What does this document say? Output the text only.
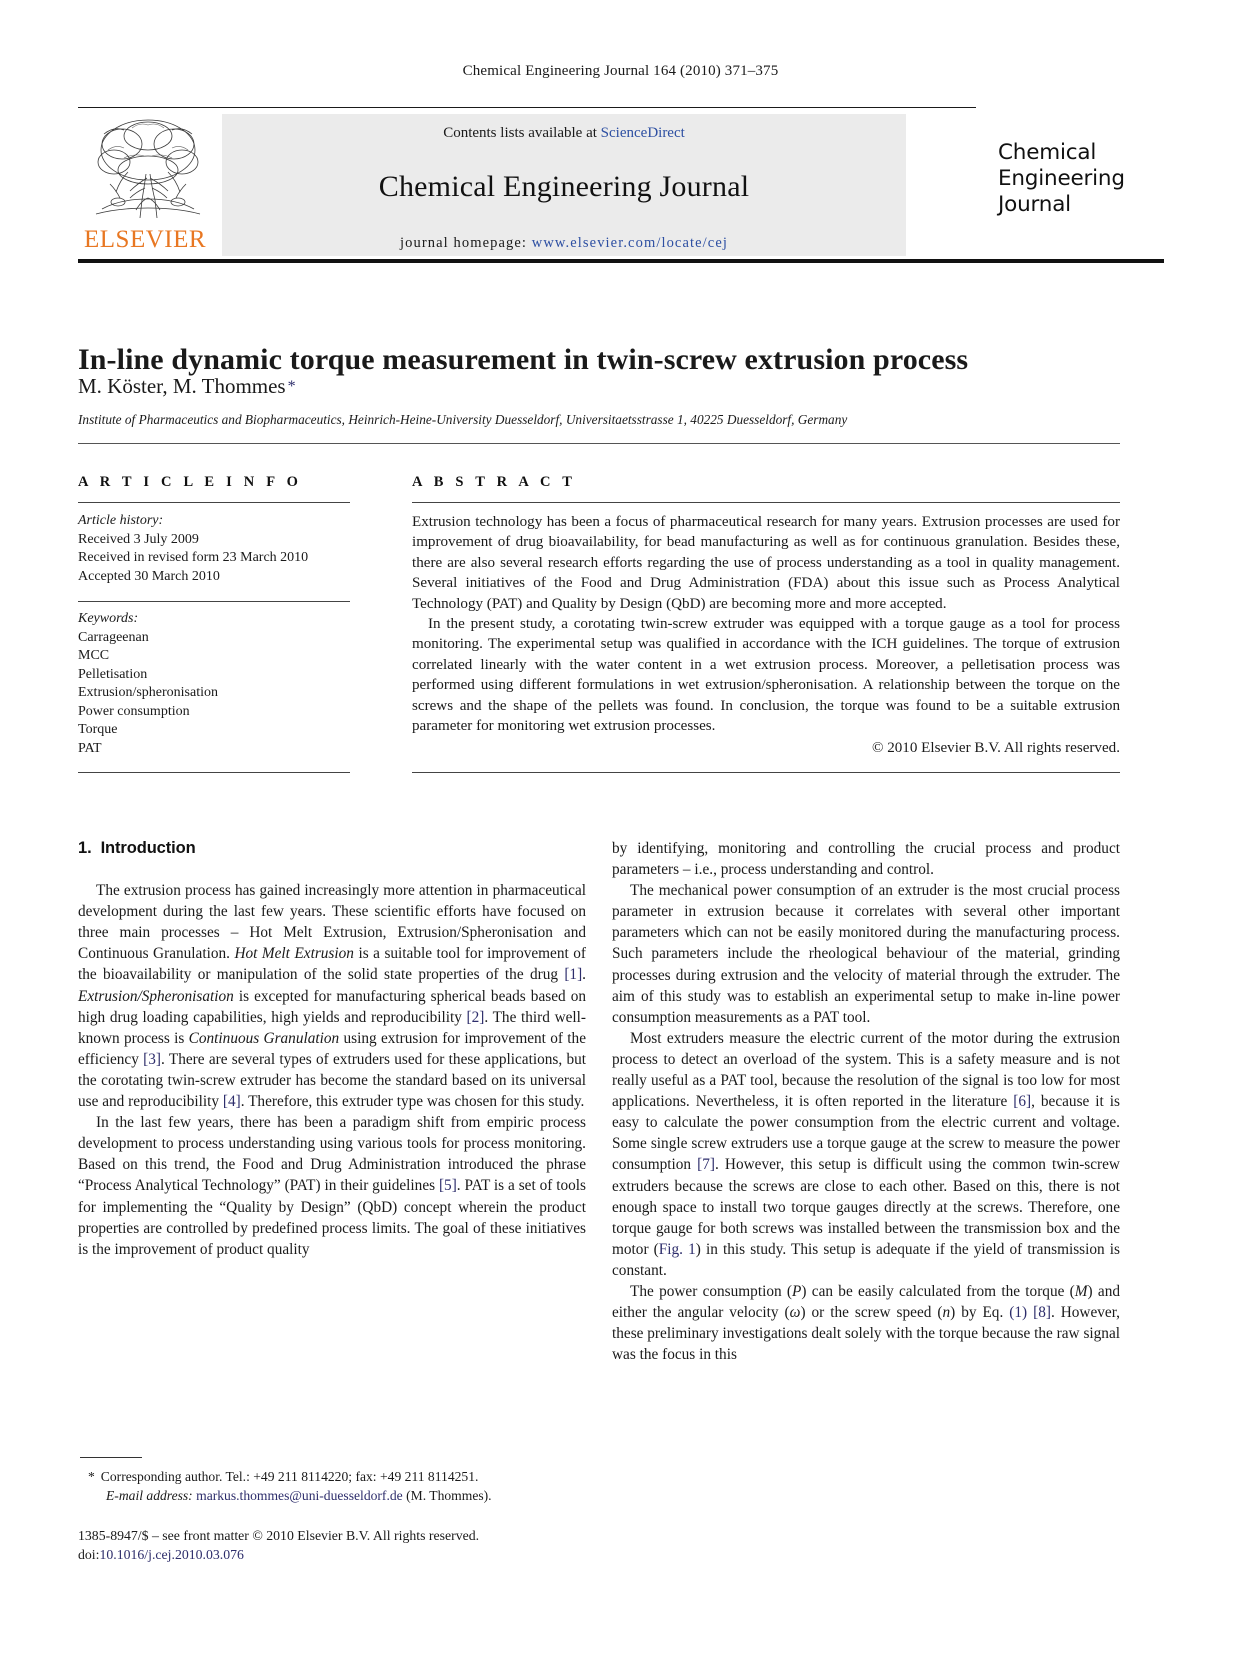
Chemical Engineering Journal 164 (2010) 371–375
ELSEVIER
Contents lists available at ScienceDirect
Chemical Engineering Journal
journal homepage: www.elsevier.com/locate/cej
Chemical
Engineering
Journal
In-line dynamic torque measurement in twin-screw extrusion process
M. Köster, M. Thommes *
Institute of Pharmaceutics and Biopharmaceutics, Heinrich-Heine-University Duesseldorf, Universitaetsstrasse 1, 40225 Duesseldorf, Germany
A R T I C L E I N F O
Article history:
Received 3 July 2009
Received in revised form 23 March 2010
Accepted 30 March 2010
Keywords:
Carrageenan
MCC
Pelletisation
Extrusion/spheronisation
Power consumption
Torque
PAT
A B S T R A C T

Extrusion technology has been a focus of pharmaceutical research for many years. Extrusion processes are used for improvement of drug bioavailability, for bead manufacturing as well as for continuous granulation. Besides these, there are also several research efforts regarding the use of process understanding as a tool in quality management. Several initiatives of the Food and Drug Administration (FDA) about this issue such as Process Analytical Technology (PAT) and Quality by Design (QbD) are becoming more and more accepted.

In the present study, a corotating twin-screw extruder was equipped with a torque gauge as a tool for process monitoring. The experimental setup was qualified in accordance with the ICH guidelines. The torque of extrusion correlated linearly with the water content in a wet extrusion process. Moreover, a pelletisation process was performed using different formulations in wet extrusion/spheronisation. A relationship between the torque on the screws and the shape of the pellets was found. In conclusion, the torque was found to be a suitable extrusion parameter for monitoring wet extrusion processes.

© 2010 Elsevier B.V. All rights reserved.
1. Introduction

The extrusion process has gained increasingly more attention in pharmaceutical development during the last few years. These scientific efforts have focused on three main processes – Hot Melt Extrusion, Extrusion/Spheronisation and Continuous Granulation. Hot Melt Extrusion is a suitable tool for improvement of the bioavailability or manipulation of the solid state properties of the drug [1]. Extrusion/Spheronisation is excepted for manufacturing spherical beads based on high drug loading capabilities, high yields and reproducibility [2]. The third well-known process is Continuous Granulation using extrusion for improvement of the efficiency [3]. There are several types of extruders used for these applications, but the corotating twin-screw extruder has become the standard based on its universal use and reproducibility [4]. Therefore, this extruder type was chosen for this study.

In the last few years, there has been a paradigm shift from empiric process development to process understanding using various tools for process monitoring. Based on this trend, the Food and Drug Administration introduced the phrase “Process Analytical Technology” (PAT) in their guidelines [5]. PAT is a set of tools for implementing the “Quality by Design” (QbD) concept wherein the product properties are controlled by predefined process limits. The goal of these initiatives is the improvement of product quality

by identifying, monitoring and controlling the crucial process and product parameters – i.e., process understanding and control.

The mechanical power consumption of an extruder is the most crucial process parameter in extrusion because it correlates with several other important parameters which can not be easily monitored during the manufacturing process. Such parameters include the rheological behaviour of the material, grinding processes during extrusion and the velocity of material through the extruder. The aim of this study was to establish an experimental setup to make in-line power consumption measurements as a PAT tool.

Most extruders measure the electric current of the motor during the extrusion process to detect an overload of the system. This is a safety measure and is not really useful as a PAT tool, because the resolution of the signal is too low for most applications. Nevertheless, it is often reported in the literature [6], because it is easy to calculate the power consumption from the electric current and voltage. Some single screw extruders use a torque gauge at the screw to measure the power consumption [7]. However, this setup is difficult using the common twin-screw extruders because the screws are close to each other. Based on this, there is not enough space to install two torque gauges directly at the screws. Therefore, one torque gauge for both screws was installed between the transmission box and the motor (Fig. 1) in this study. This setup is adequate if the yield of transmission is constant.

The power consumption (P) can be easily calculated from the torque (M) and either the angular velocity (ω) or the screw speed (n) by Eq. (1) [8]. However, these preliminary investigations dealt solely with the torque because the raw signal was the focus in this

* Corresponding author. Tel.: +49 211 8114220; fax: +49 211 8114251.
E-mail address: markus.thommes@uni-duesseldorf.de (M. Thommes).
1385-8947/$ – see front matter © 2010 Elsevier B.V. All rights reserved.
doi:10.1016/j.cej.2010.03.076
